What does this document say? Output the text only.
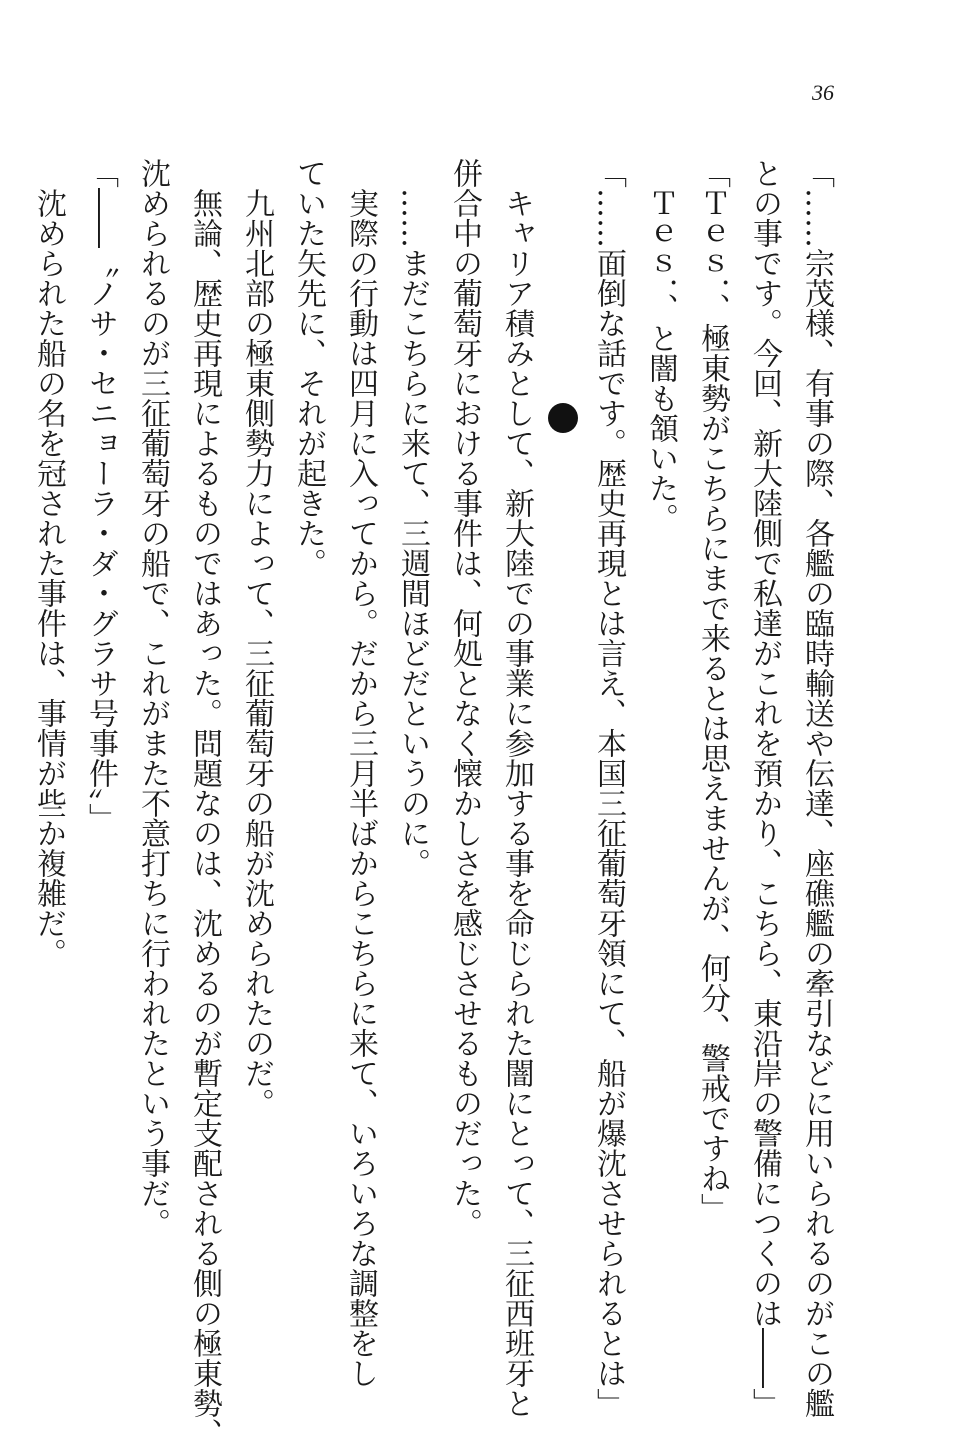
36
「……宗茂様、有事の際、各艦の臨時輸送や伝達、座礁艦の牽引などに用いられるのがこの艦
との事です。今回、新大陸側で私達がこれを預かり、こちら、東沿岸の警備につくのは――」
「Ｔｅｓ．、極東勢がこちらにまで来るとは思えませんが、何分、警戒ですね」
　Ｔｅｓ．、と闇も頷いた。
「……面倒な話です。歴史再現とは言え、本国三征葡萄牙領にて、船が爆沈させられるとは」
　キャリア積みとして、新大陸での事業に参加する事を命じられた闇にとって、三征西班牙と
併合中の葡萄牙における事件は、何処となく懐かしさを感じさせるものだった。
　……まだこちらに来て、三週間ほどだというのに。
　実際の行動は四月に入ってから。だから三月半ばからこちらに来て、いろいろな調整をし
ていた矢先に、それが起きた。
　九州北部の極東側勢力によって、三征葡萄牙の船が沈められたのだ。
　無論、歴史再現によるものではあった。問題なのは、沈めるのが暫定支配される側の極東勢、
沈められるのが三征葡萄牙の船で、これがまた不意打ちに行われたという事だ。
「――〝ノサ・セニョーラ・ダ・グラサ号事件〟」
　沈められた船の名を冠された事件は、事情が些か複雑だ。
